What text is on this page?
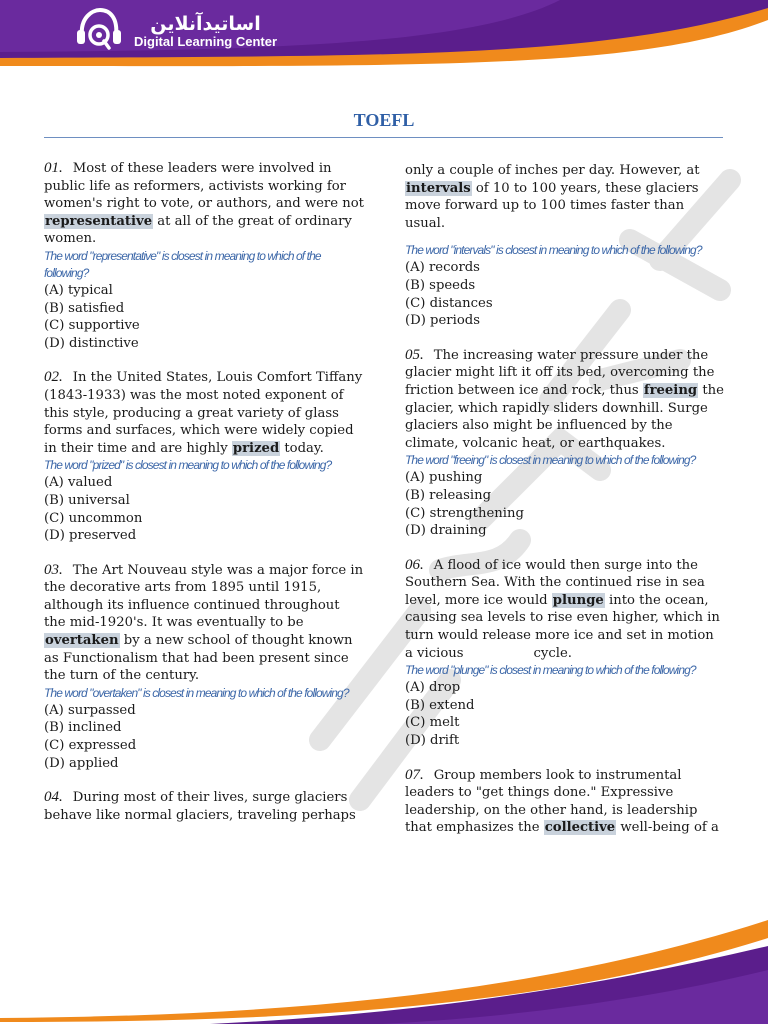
اساتیدآنلاین
Digital Learning Center
TOEFL

01. Most of these leaders were involved in public life as reformers, activists working for women's right to vote, or authors, and were not representative at all of the great of ordinary women.

The word "representative" is closest in meaning to which of the following?

(A) typical

(B) satisfied

(C) supportive

(D) distinctive

02. In the United States, Louis Comfort Tiffany (1843-1933) was the most noted exponent of this style, producing a great variety of glass forms and surfaces, which were widely copied in their time and are highly prized today.

The word "prized" is closest in meaning to which of the following?

(A) valued

(B) universal

(C) uncommon

(D) preserved

03. The Art Nouveau style was a major force in the decorative arts from 1895 until 1915, although its influence continued throughout the mid-1920's. It was eventually to be overtaken by a new school of thought known as Functionalism that had been present since the turn of the century.

The word "overtaken" is closest in meaning to which of the following?

(A) surpassed

(B) inclined

(C) expressed

(D) applied

04. During most of their lives, surge glaciers behave like normal glaciers, traveling perhaps

only a couple of inches per day. However, at intervals of 10 to 100 years, these glaciers move forward up to 100 times faster than usual.

The word "intervals" is closest in meaning to which of the following?

(A) records

(B) speeds

(C) distances

(D) periods

05. The increasing water pressure under the glacier might lift it off its bed, overcoming the friction between ice and rock, thus freeing the glacier, which rapidly sliders downhill. Surge glaciers also might be influenced by the climate, volcanic heat, or earthquakes.

The word "freeing" is closest in meaning to which of the following?

(A) pushing

(B) releasing

(C) strengthening

(D) draining

06. A flood of ice would then surge into the Southern Sea. With the continued rise in sea level, more ice would plunge into the ocean, causing sea levels to rise even higher, which in turn would release more ice and set in motion a vicious	cycle.

The word "plunge" is closest in meaning to which of the following?

(A) drop

(B) extend

(C) melt

(D) drift

07. Group members look to instrumental leaders to "get things done." Expressive leadership, on the other hand, is leadership that emphasizes the collective well-being of a
